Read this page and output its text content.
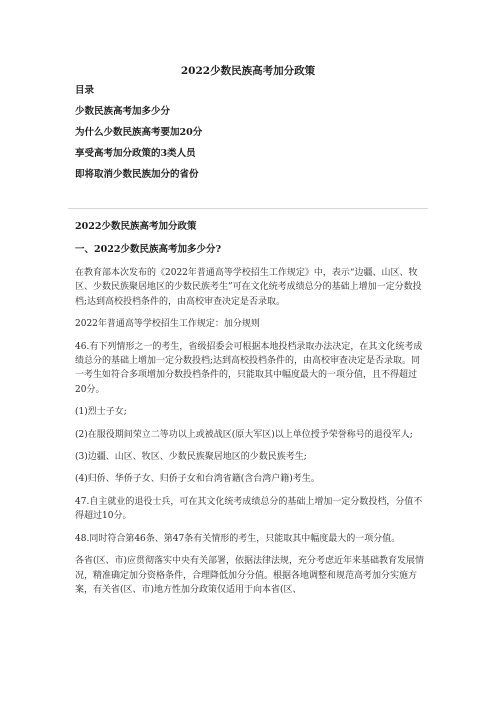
2022少数民族高考加分政策

目录

少数民族高考加多少分

为什么少数民族高考要加20分

享受高考加分政策的3类人员

即将取消少数民族加分的省份

2022少数民族高考加分政策

一、2022少数民族高考加多少分?

在教育部本次发布的《2022年普通高等学校招生工作规定》中，表示“边疆、山区、牧区、少数民族聚居地区的少数民族考生”可在文化统考成绩总分的基础上增加一定分数投档;达到高校投档条件的，由高校审查决定是否录取。

2022年普通高等学校招生工作规定：加分规则

46.有下列情形之一的考生，省级招委会可根据本地投档录取办法决定，在其文化统考成绩总分的基础上增加一定分数投档;达到高校投档条件的，由高校审查决定是否录取。同一考生如符合多项增加分数投档条件的，只能取其中幅度最大的一项分值，且不得超过20分。

(1)烈士子女;

(2)在服役期间荣立二等功以上或被战区(原大军区)以上单位授予荣誉称号的退役军人;

(3)边疆、山区、牧区、少数民族聚居地区的少数民族考生;

(4)归侨、华侨子女、归侨子女和台湾省籍(含台湾户籍)考生。

47.自主就业的退役士兵，可在其文化统考成绩总分的基础上增加一定分数投档，分值不得超过10分。

48.同时符合第46条、第47条有关情形的考生，只能取其中幅度最大的一项分值。

各省(区、市)应贯彻落实中央有关部署，依据法律法规，充分考虑近年来基础教育发展情况，精准确定加分资格条件，合理降低加分分值。根据各地调整和规范高考加分实施方案，有关省(区、市)地方性加分政策仅适用于向本省(区、
